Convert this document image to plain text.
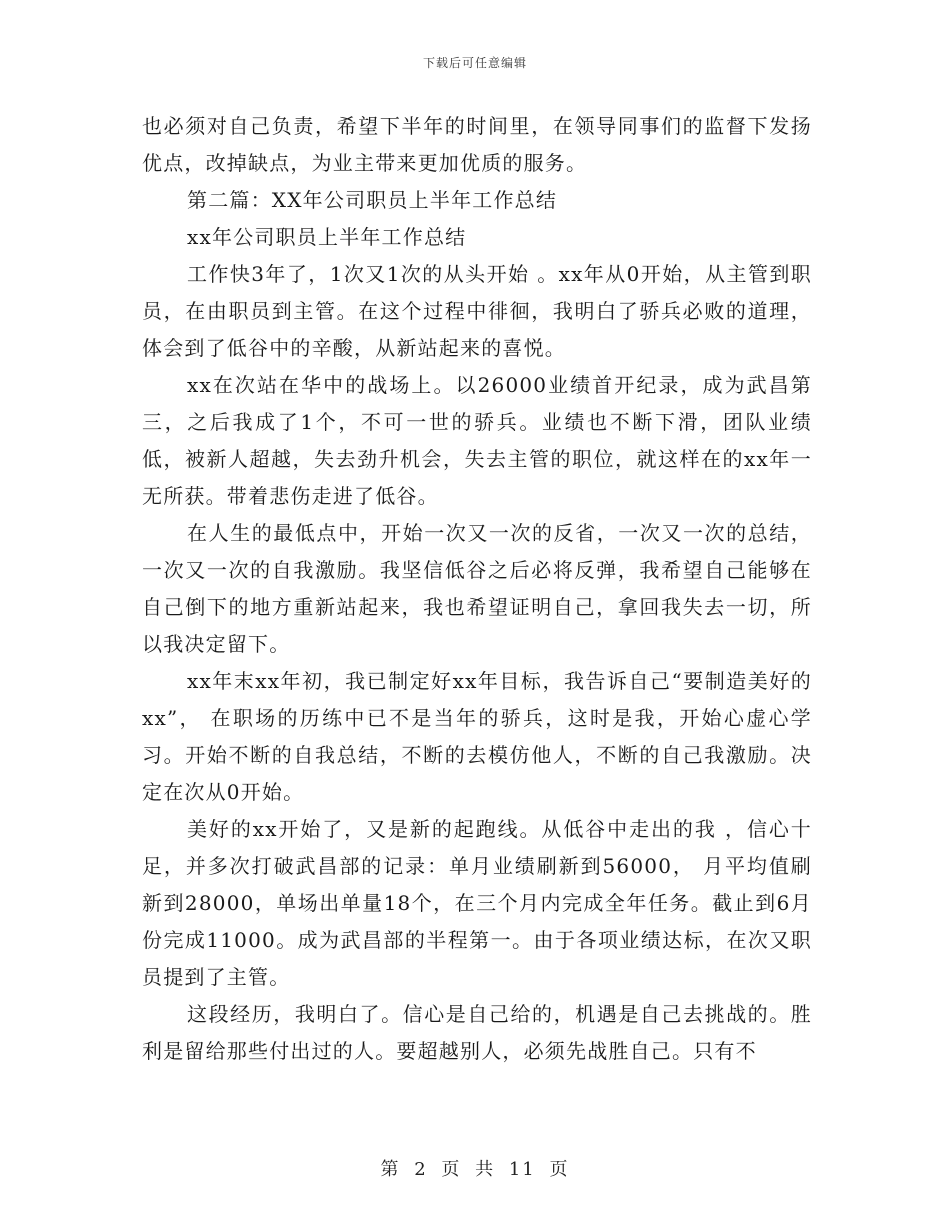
下载后可任意编辑

也必须对自己负责，希望下半年的时间里，在领导同事们的监督下发扬优点，改掉缺点，为业主带来更加优质的服务。

第二篇：XX年公司职员上半年工作总结

xx年公司职员上半年工作总结

工作快3年了，1次又1次的从头开始 。xx年从0开始，从主管到职员，在由职员到主管。在这个过程中徘徊，我明白了骄兵必败的道理，体会到了低谷中的辛酸，从新站起来的喜悦。

xx在次站在华中的战场上。以26000业绩首开纪录，成为武昌第三，之后我成了1个，不可一世的骄兵。业绩也不断下滑，团队业绩低，被新人超越，失去劲升机会，失去主管的职位，就这样在的xx年一无所获。带着悲伤走进了低谷。

在人生的最低点中，开始一次又一次的反省，一次又一次的总结，一次又一次的自我激励。我坚信低谷之后必将反弹，我希望自己能够在自己倒下的地方重新站起来，我也希望证明自己，拿回我失去一切，所以我决定留下。

xx年末xx年初，我已制定好xx年目标，我告诉自己“要制造美好的xx”， 在职场的历练中已不是当年的骄兵，这时是我，开始心虚心学习。开始不断的自我总结，不断的去模仿他人，不断的自己我激励。决定在次从0开始。

美好的xx开始了，又是新的起跑线。从低谷中走出的我 ，信心十足，并多次打破武昌部的记录：单月业绩刷新到56000， 月平均值刷新到28000，单场出单量18个，在三个月内完成全年任务。截止到6月份完成11000。成为武昌部的半程第一。由于各项业绩达标，在次又职员提到了主管。

这段经历，我明白了。信心是自己给的，机遇是自己去挑战的。胜利是留给那些付出过的人。要超越别人，必须先战胜自己。只有不

第 2 页 共 11 页
